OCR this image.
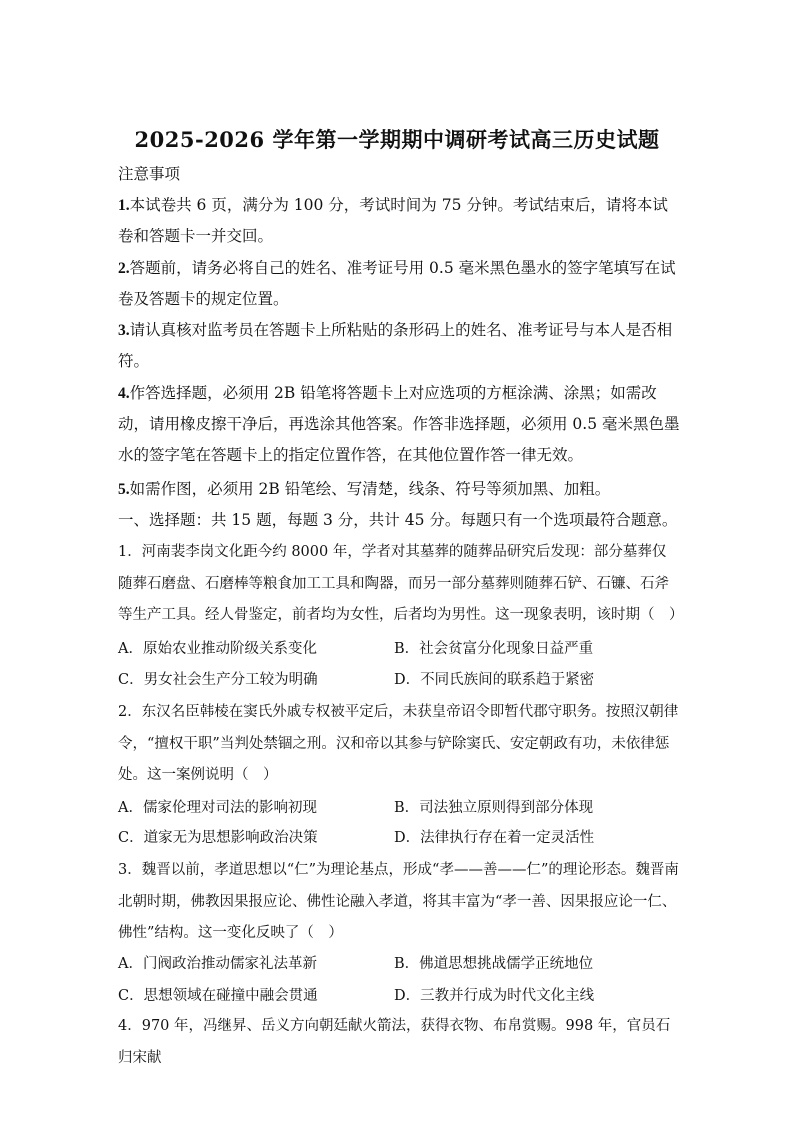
2025-2026 学年第一学期期中调研考试高三历史试题
注意事项
1.本试卷共 6 页，满分为 100 分，考试时间为 75 分钟。考试结束后，请将本试卷和答题卡一并交回。
2.答题前，请务必将自己的姓名、准考证号用 0.5 毫米黑色墨水的签字笔填写在试卷及答题卡的规定位置。
3.请认真核对监考员在答题卡上所粘贴的条形码上的姓名、准考证号与本人是否相符。
4.作答选择题，必须用 2B 铅笔将答题卡上对应选项的方框涂满、涂黑；如需改动，请用橡皮擦干净后，再选涂其他答案。作答非选择题，必须用 0.5 毫米黑色墨水的签字笔在答题卡上的指定位置作答，在其他位置作答一律无效。
5.如需作图，必须用 2B 铅笔绘、写清楚，线条、符号等须加黑、加粗。
一、选择题：共 15 题，每题 3 分，共计 45 分。每题只有一个选项最符合题意。
1．河南裴李岗文化距今约 8000 年，学者对其墓葬的随葬品研究后发现：部分墓葬仅随葬石磨盘、石磨棒等粮食加工工具和陶器，而另一部分墓葬则随葬石铲、石镰、石斧等生产工具。经人骨鉴定，前者均为女性，后者均为男性。这一现象表明，该时期（　）
A．原始农业推动阶级关系变化	B．社会贫富分化现象日益严重
C．男女社会生产分工较为明确	D．不同氏族间的联系趋于紧密
2．东汉名臣韩棱在窦氏外戚专权被平定后，未获皇帝诏令即暂代郡守职务。按照汉朝律令，“擅权干职”当判处禁锢之刑。汉和帝以其参与铲除窦氏、安定朝政有功，未依律惩处。这一案例说明（　）
A．儒家伦理对司法的影响初现	B．司法独立原则得到部分体现
C．道家无为思想影响政治决策	D．法律执行存在着一定灵活性
3．魏晋以前，孝道思想以“仁”为理论基点，形成“孝——善——仁”的理论形态。魏晋南北朝时期，佛教因果报应论、佛性论融入孝道，将其丰富为“孝一善、因果报应论一仁、佛性”结构。这一变化反映了（　）
A．门阀政治推动儒家礼法革新	B．佛道思想挑战儒学正统地位
C．思想领域在碰撞中融会贯通	D．三教并行成为时代文化主线
4．970 年，冯继昇、岳义方向朝廷献火箭法，获得衣物、布帛赏赐。998 年，官员石归宋献
